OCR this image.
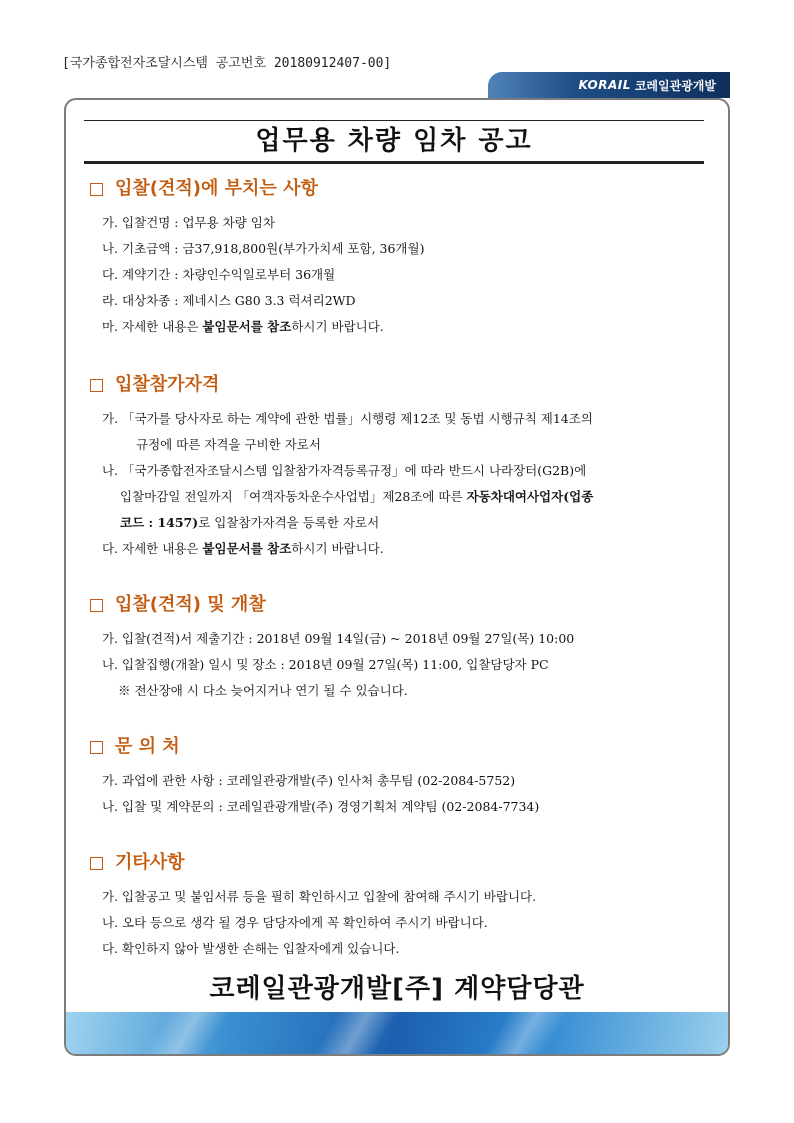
[국가종합전자조달시스템 공고번호 20180912407-00]
KORAIL 코레일관광개발
업무용 차량 임차 공고
입찰(견적)에 부치는 사항
가. 입찰건명 : 업무용 차량 임차
나. 기초금액 : 금37,918,800원(부가가치세 포함, 36개월)
다. 계약기간 : 차량인수익일로부터 36개월
라. 대상차종 : 제네시스 G80 3.3 럭셔리2WD
마. 자세한 내용은 붙임문서를 참조하시기 바랍니다.
입찰참가자격
가. 「국가를 당사자로 하는 계약에 관한 법률」시행령 제12조 및 동법 시행규칙 제14조의
규정에 따른 자격을 구비한 자로서
나. 「국가종합전자조달시스템 입찰참가자격등록규정」에 따라 반드시 나라장터(G2B)에
입찰마감일 전일까지 「여객자동차운수사업법」제28조에 따른 자동차대여사업자(업종
코드 : 1457)로 입찰참가자격을 등록한 자로서
다. 자세한 내용은 붙임문서를 참조하시기 바랍니다.
입찰(견적) 및 개찰
가. 입찰(견적)서 제출기간 : 2018년 09월 14일(금) ~ 2018년 09월 27일(목) 10:00
나. 입찰집행(개찰) 일시 및 장소 : 2018년 09월 27일(목) 11:00, 입찰담당자 PC
※ 전산장애 시 다소 늦어지거나 연기 될 수 있습니다.
문 의 처
가. 과업에 관한 사항 : 코레일관광개발(주) 인사처 총무팀 (02-2084-5752)
나. 입찰 및 계약문의 : 코레일관광개발(주) 경영기획처 계약팀 (02-2084-7734)
기타사항
가. 입찰공고 및 붙임서류 등을 필히 확인하시고 입찰에 참여해 주시기 바랍니다.
나. 오타 등으로 생각 될 경우 담당자에게 꼭 확인하여 주시기 바랍니다.
다. 확인하지 않아 발생한 손해는 입찰자에게 있습니다.
코레일관광개발[주] 계약담당관
